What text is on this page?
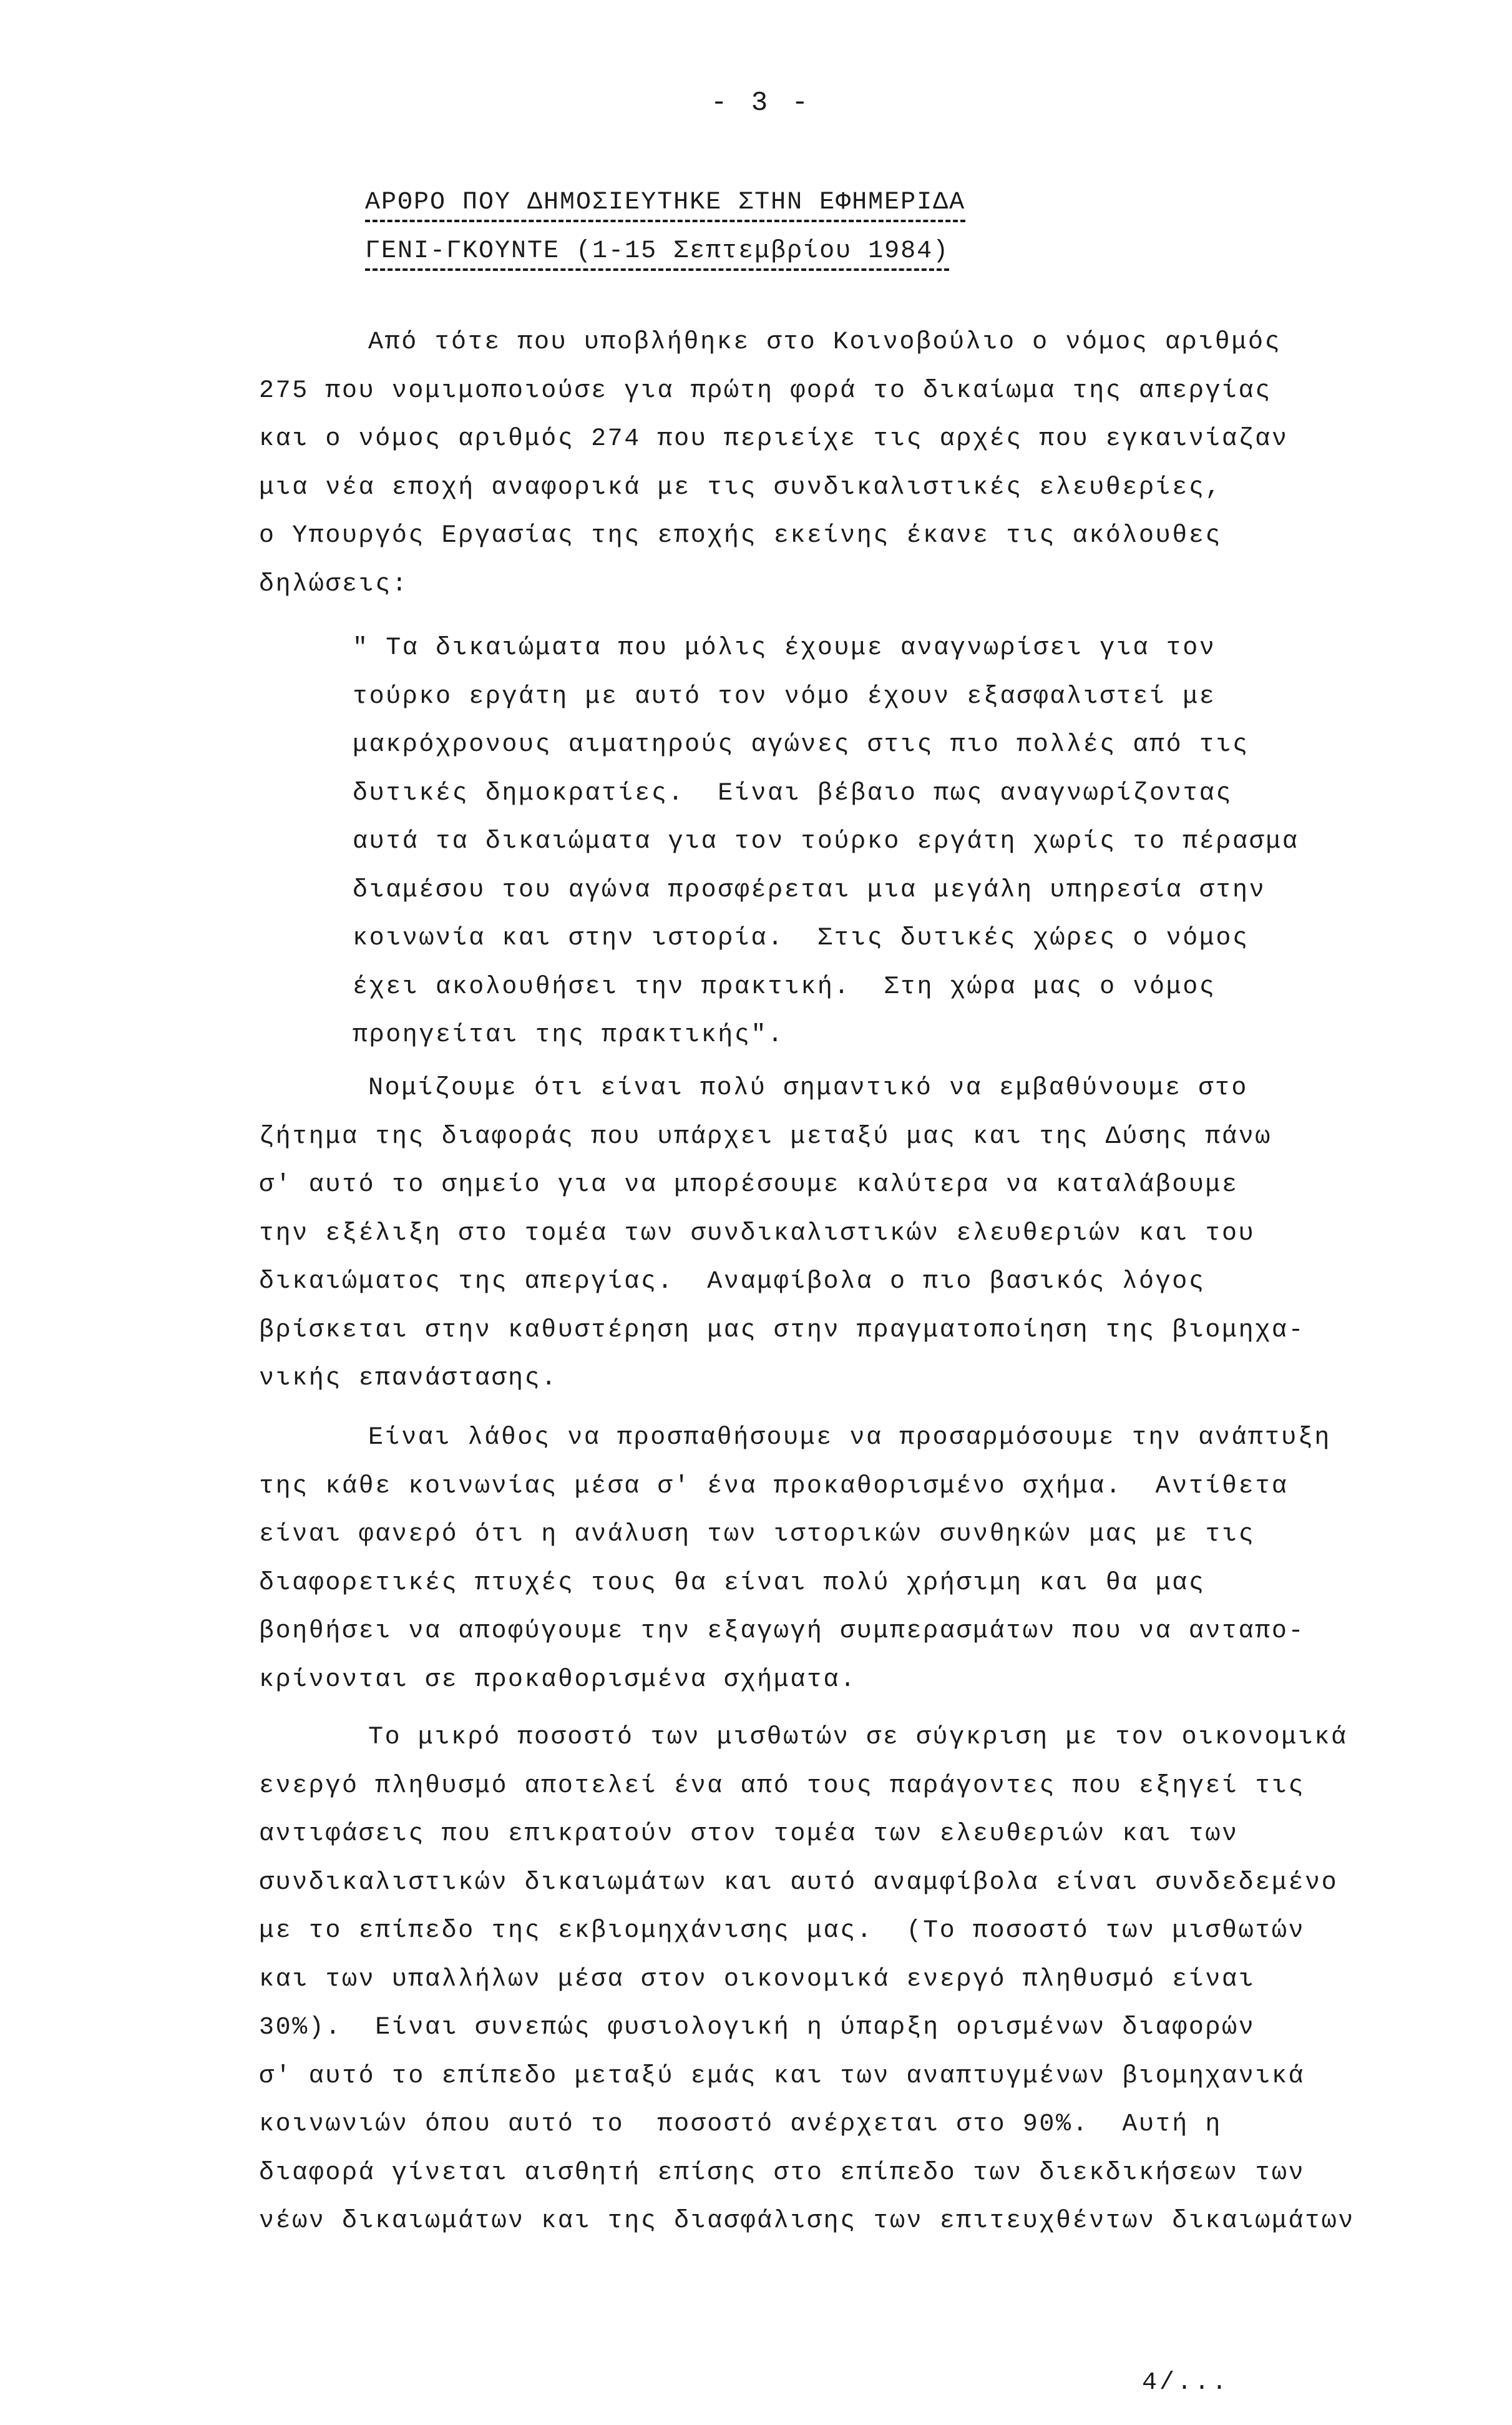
- 3 -
ΑΡΘΡΟ ΠΟΥ ΔΗΜΟΣΙΕΥΤΗΚΕ ΣΤΗΝ ΕΦΗΜΕΡΙΔΑ
ΓΕΝΙ-ΓΚΟΥΝΤΕ (1-15 Σεπτεμβρίου 1984)
Από τότε που υποβλήθηκε στο Κοινοβούλιο ο νόμος αριθμός
275 που νομιμοποιούσε για πρώτη φορά το δικαίωμα της απεργίας
και ο νόμος αριθμός 274 που περιείχε τις αρχές που εγκαινίαζαν
μια νέα εποχή αναφορικά με τις συνδικαλιστικές ελευθερίες,
ο Υπουργός Εργασίας της εποχής εκείνης έκανε τις ακόλουθες
δηλώσεις:
" Τα δικαιώματα που μόλις έχουμε αναγνωρίσει για τον
τούρκο εργάτη με αυτό τον νόμο έχουν εξασφαλιστεί με
μακρόχρονους αιματηρούς αγώνες στις πιο πολλές από τις
δυτικές δημοκρατίες.  Είναι βέβαιο πως αναγνωρίζοντας
αυτά τα δικαιώματα για τον τούρκο εργάτη χωρίς το πέρασμα
διαμέσου του αγώνα προσφέρεται μια μεγάλη υπηρεσία στην
κοινωνία και στην ιστορία.  Στις δυτικές χώρες ο νόμος
έχει ακολουθήσει την πρακτική.  Στη χώρα μας ο νόμος
προηγείται της πρακτικής".
Νομίζουμε ότι είναι πολύ σημαντικό να εμβαθύνουμε στο
ζήτημα της διαφοράς που υπάρχει μεταξύ μας και της Δύσης πάνω
σ' αυτό το σημείο για να μπορέσουμε καλύτερα να καταλάβουμε
την εξέλιξη στο τομέα των συνδικαλιστικών ελευθεριών και του
δικαιώματος της απεργίας.  Αναμφίβολα ο πιο βασικός λόγος
βρίσκεται στην καθυστέρηση μας στην πραγματοποίηση της βιομηχα-
νικής επανάστασης.
Είναι λάθος να προσπαθήσουμε να προσαρμόσουμε την ανάπτυξη
της κάθε κοινωνίας μέσα σ' ένα προκαθορισμένο σχήμα.  Αντίθετα
είναι φανερό ότι η ανάλυση των ιστορικών συνθηκών μας με τις
διαφορετικές πτυχές τους θα είναι πολύ χρήσιμη και θα μας
βοηθήσει να αποφύγουμε την εξαγωγή συμπερασμάτων που να ανταπο-
κρίνονται σε προκαθορισμένα σχήματα.
Το μικρό ποσοστό των μισθωτών σε σύγκριση με τον οικονομικά
ενεργό πληθυσμό αποτελεί ένα από τους παράγοντες που εξηγεί τις
αντιφάσεις που επικρατούν στον τομέα των ελευθεριών και των
συνδικαλιστικών δικαιωμάτων και αυτό αναμφίβολα είναι συνδεδεμένο
με το επίπεδο της εκβιομηχάνισης μας.  (Το ποσοστό των μισθωτών
και των υπαλλήλων μέσα στον οικονομικά ενεργό πληθυσμό είναι
30%).  Είναι συνεπώς φυσιολογική η ύπαρξη ορισμένων διαφορών
σ' αυτό το επίπεδο μεταξύ εμάς και των αναπτυγμένων βιομηχανικά
κοινωνιών όπου αυτό το  ποσοστό ανέρχεται στο 90%.  Αυτή η
διαφορά γίνεται αισθητή επίσης στο επίπεδο των διεκδικήσεων των
νέων δικαιωμάτων και της διασφάλισης των επιτευχθέντων δικαιωμάτων
4/...
